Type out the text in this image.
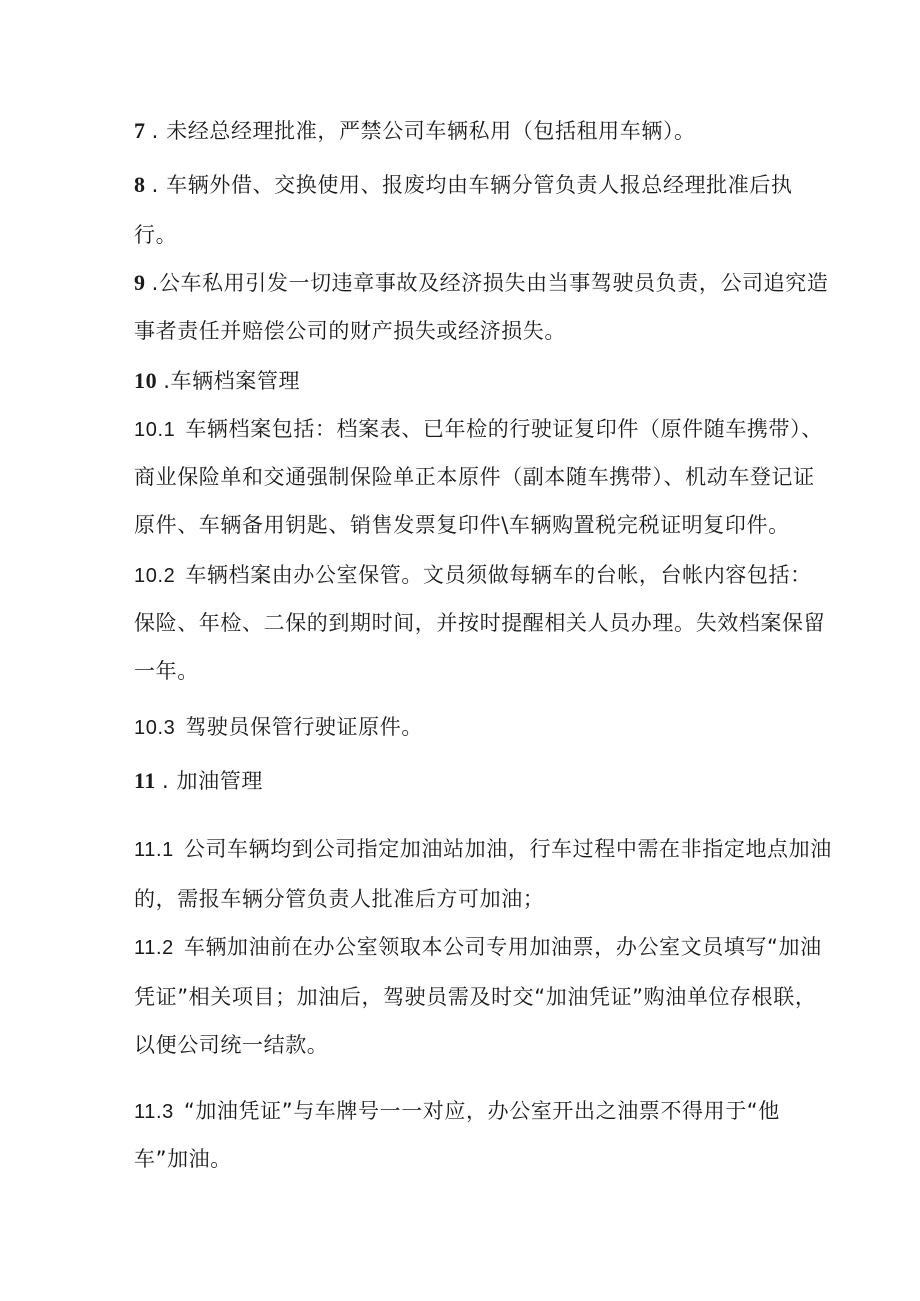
7 . 未经总经理批准，严禁公司车辆私用（包括租用车辆）。
8 . 车辆外借、交换使用、报废均由车辆分管负责人报总经理批准后执
行。
9 .公车私用引发一切违章事故及经济损失由当事驾驶员负责，公司追究造
事者责任并赔偿公司的财产损失或经济损失。
10 .车辆档案管理
10.1 车辆档案包括：档案表、已年检的行驶证复印件（原件随车携带）、
商业保险单和交通强制保险单正本原件（副本随车携带）、机动车登记证
原件、车辆备用钥匙、销售发票复印件\车辆购置税完税证明复印件。
10.2 车辆档案由办公室保管。文员须做每辆车的台帐，台帐内容包括：
保险、年检、二保的到期时间，并按时提醒相关人员办理。失效档案保留
一年。
10.3 驾驶员保管行驶证原件。
11 . 加油管理
11.1 公司车辆均到公司指定加油站加油，行车过程中需在非指定地点加油
的，需报车辆分管负责人批准后方可加油；
11.2 车辆加油前在办公室领取本公司专用加油票，办公室文员填写“加油
凭证”相关项目；加油后，驾驶员需及时交“加油凭证”购油单位存根联，
以便公司统一结款。
11.3 “加油凭证”与车牌号一一对应，办公室开出之油票不得用于“他
车”加油。
